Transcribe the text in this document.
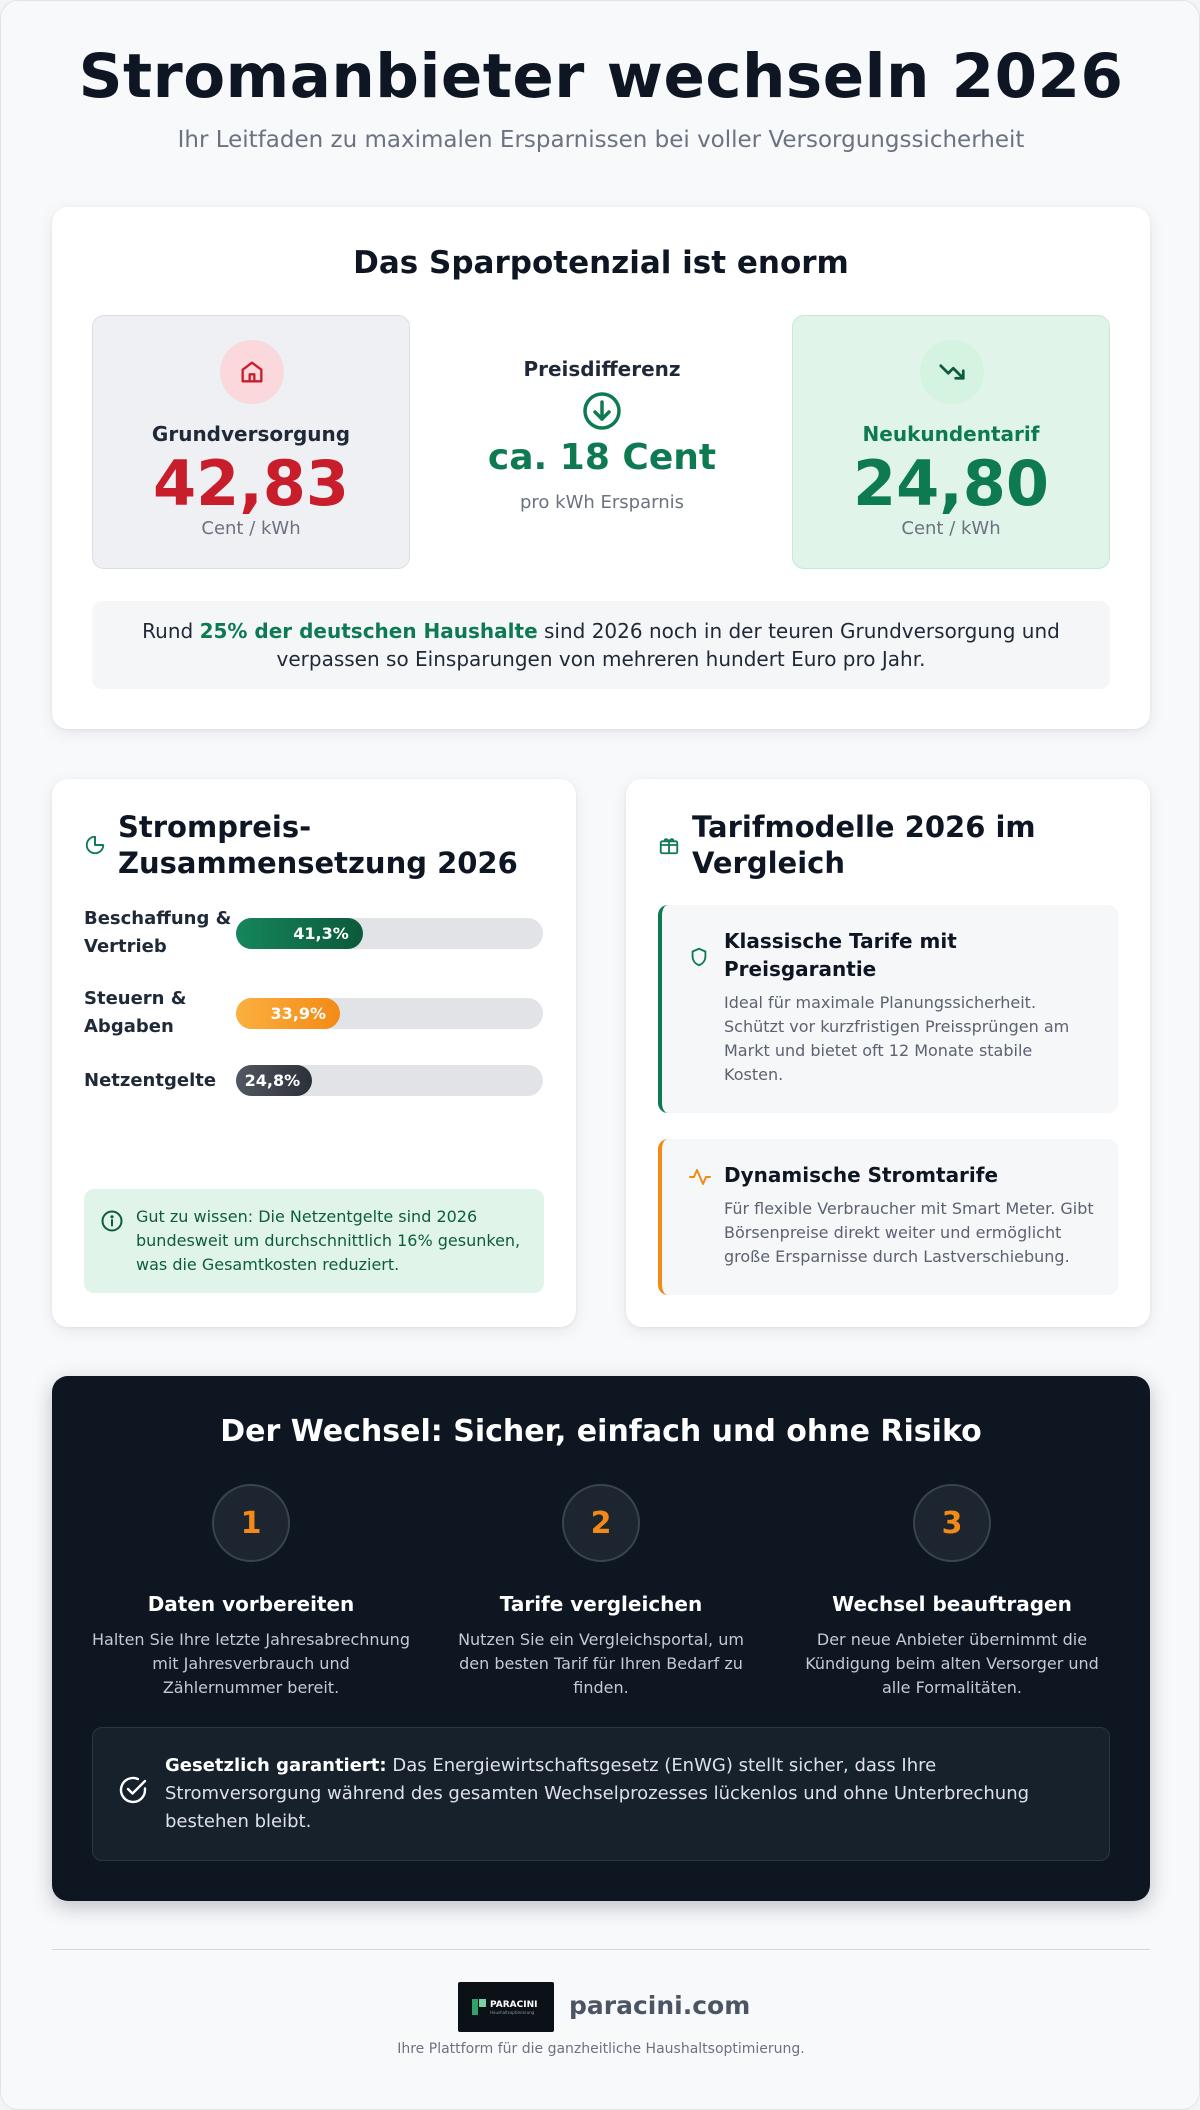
Stromanbieter wechseln 2026

Ihr Leitfaden zu maximalen Ersparnissen bei voller Versorgungssicherheit

Das Sparpotenzial ist enorm
Grundversorgung
42,83
Cent / kWh
Preisdifferenz
ca. 18 Cent
pro kWh Ersparnis
Neukundentarif
24,80
Cent / kWh

Rund 25% der deutschen Haushalte sind 2026 noch in der teuren Grundversorgung und verpassen so Einsparungen von mehreren hundert Euro pro Jahr.

Strompreis-Zusammensetzung 2026
Beschaffung & Vertrieb
41,3%
Steuern & Abgaben
33,9%
Netzentgelte	24,8%

Gut zu wissen: Die Netzentgelte sind 2026 bundesweit um durchschnittlich 16% gesunken, was die Gesamtkosten reduziert.

Tarifmodelle 2026 im Vergleich
Klassische Tarife mit Preisgarantie

Ideal für maximale Planungssicherheit. Schützt vor kurzfristigen Preissprüngen am Markt und bietet oft 12 Monate stabile Kosten.

Dynamische Stromtarife

Für flexible Verbraucher mit Smart Meter. Gibt Börsenpreise direkt weiter und ermöglicht große Ersparnisse durch Lastverschiebung.

Der Wechsel: Sicher, einfach und ohne Risiko
1
Daten vorbereiten
Halten Sie Ihre letzte Jahresabrechnung mit Jahresverbrauch und Zählernummer bereit.
2
Tarife vergleichen
Nutzen Sie ein Vergleichsportal, um den besten Tarif für Ihren Bedarf zu finden.
3
Wechsel beauftragen
Der neue Anbieter übernimmt die Kündigung beim alten Versorger und alle Formalitäten.

Gesetzlich garantiert: Das Energiewirtschaftsgesetz (EnWG) stellt sicher, dass Ihre Stromversorgung während des gesamten Wechselprozesses lückenlos und ohne Unterbrechung bestehen bleibt.

PARACINI
Haushaltsoptimierung paracini.com
Ihre Plattform für die ganzheitliche Haushaltsoptimierung.
